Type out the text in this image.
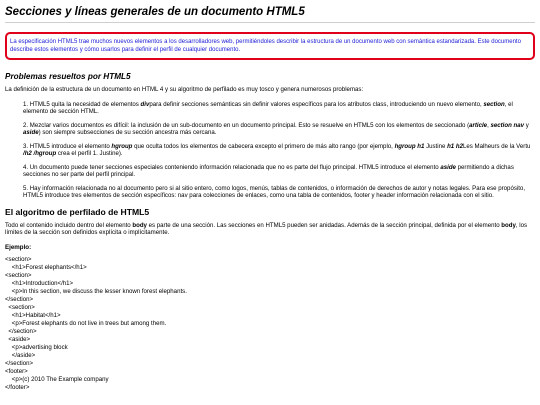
Secciones y líneas generales de un documento HTML5
La especificación HTML5 trae muchos nuevos elementos a los desarrolladores web, permitiéndoles describir la estructura de un documento web con semántica estandarizada. Este documento describe estos elementos y cómo usarlos para definir el perfil de cualquier documento.
Problemas resueltos por HTML5

La definición de la estructura de un documento en HTML 4 y su algoritmo de perfilado es muy tosco y genera numerosos problemas:

1. HTML5 quita la necesidad de elementos divpara definir secciones semánticas sin definir valores específicos para los atributos class, introduciendo un nuevo elemento, section, el elemento de sección HTML.
2. Mezclar varios documentos es difícil: la inclusión de un sub-documento en un documento principal. Esto se resuelve en HTML5 con los elementos de seccionado (article, section nav y aside) son siempre subsecciones de su sección ancestra más cercana.
3. HTML5 introduce el elemento hgroup que oculta todos los elementos de cabecera excepto el primero de más alto rango (por ejemplo, hgroup h1 Justine h1 h2Les Malheurs de la Vertu /h2 /hgroup crea el perfil 1. Justine).
4. Un documento puede tener secciones especiales conteniendo información relacionada que no es parte del flujo principal. HTML5 introduce el elemento aside permitiendo a dichas secciones no ser parte del perfil principal.
5. Hay información relacionada no al documento pero si al sitio entero, como logos, menús, tablas de contenidos, o información de derechos de autor y notas legales. Para ese propósito, HTML5 introduce tres elementos de sección específicos: nav para colecciones de enlaces, como una tabla de contenidos, footer y header información relacionada con el sitio.
El algoritmo de perfilado de HTML5

Todo el contenido incluido dentro del elemento body es parte de una sección. Las secciones en HTML5 pueden ser anidadas. Además de la sección principal, definida por el elemento body, los límites de la sección son definidos explícita o implícitamente.

Ejemplo:
<section>
<h1>Forest elephants</h1>
<section>
<h1>Introduction</h1>
<p>In this section, we discuss the lesser known forest elephants.
</section>
<section>
<h1>Habitat</h1>
<p>Forest elephants do not live in trees but among them.
</section>
<aside>
<p>advertising block
</aside>
</section>
<footer>
<p>(c) 2010 The Example company
</footer>
